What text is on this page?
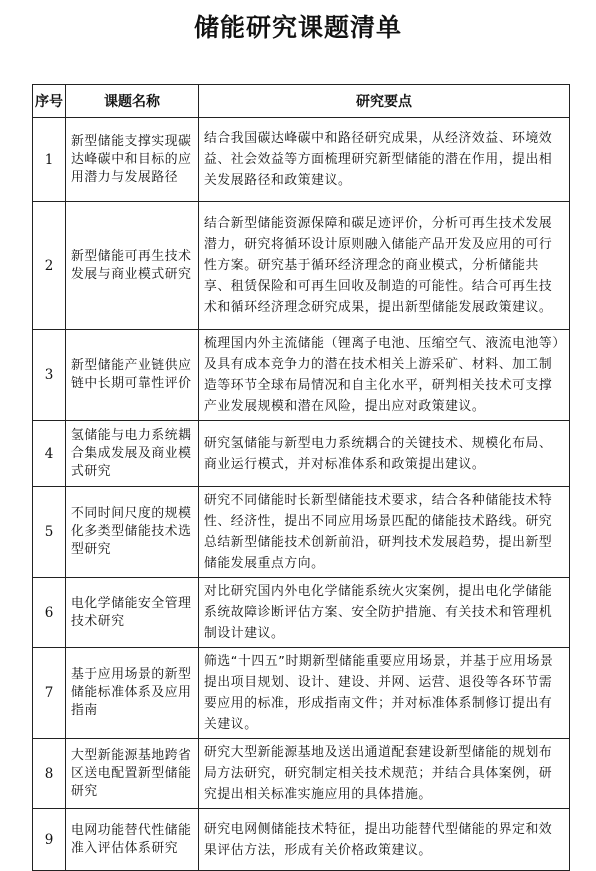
储能研究课题清单
序号	课题名称	研究要点
1	新型储能支撑实现碳达峰碳中和目标的应用潜力与发展路径	结合我国碳达峰碳中和路径研究成果，从经济效益、环境效益、社会效益等方面梳理研究新型储能的潜在作用，提出相关发展路径和政策建议。
2	新型储能可再生技术发展与商业模式研究	结合新型储能资源保障和碳足迹评价，分析可再生技术发展潜力，研究将循环设计原则融入储能产品开发及应用的可行性方案。研究基于循环经济理念的商业模式，分析储能共享、租赁保险和可再生回收及制造的可能性。结合可再生技术和循环经济理念研究成果，提出新型储能发展政策建议。
3	新型储能产业链供应链中长期可靠性评价	梳理国内外主流储能（锂离子电池、压缩空气、液流电池等）及具有成本竞争力的潜在技术相关上游采矿、材料、加工制造等环节全球布局情况和自主化水平，研判相关技术可支撑产业发展规模和潜在风险，提出应对政策建议。
4	氢储能与电力系统耦合集成发展及商业模式研究	研究氢储能与新型电力系统耦合的关键技术、规模化布局、商业运行模式，并对标准体系和政策提出建议。
5	不同时间尺度的规模化多类型储能技术选型研究	研究不同储能时长新型储能技术要求，结合各种储能技术特性、经济性，提出不同应用场景匹配的储能技术路线。研究总结新型储能技术创新前沿，研判技术发展趋势，提出新型储能发展重点方向。
6	电化学储能安全管理技术研究	对比研究国内外电化学储能系统火灾案例，提出电化学储能系统故障诊断评估方案、安全防护措施、有关技术和管理机制设计建议。
7	基于应用场景的新型储能标准体系及应用指南	筛选“十四五”时期新型储能重要应用场景，并基于应用场景提出项目规划、设计、建设、并网、运营、退役等各环节需要应用的标准，形成指南文件；并对标准体系制修订提出有关建议。
8	大型新能源基地跨省区送电配置新型储能研究	研究大型新能源基地及送出通道配套建设新型储能的规划布局方法研究，研究制定相关技术规范；并结合具体案例，研究提出相关标准实施应用的具体措施。
9	电网功能替代性储能准入评估体系研究	研究电网侧储能技术特征，提出功能替代型储能的界定和效果评估方法，形成有关价格政策建议。
